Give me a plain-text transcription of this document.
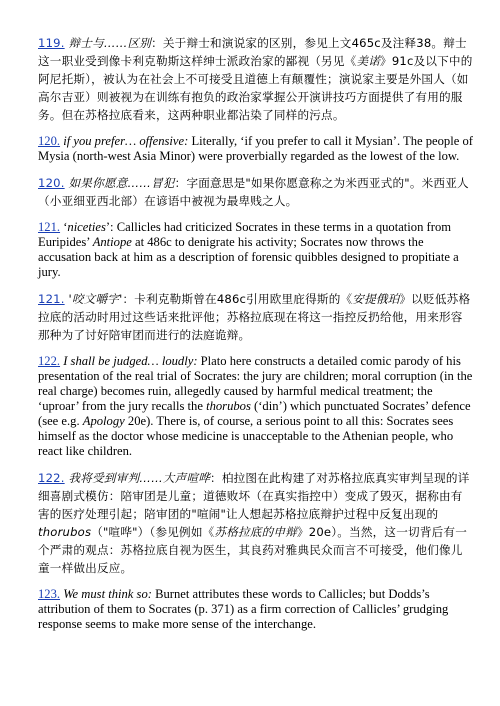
119. 辩士与……区别：关于辩士和演说家的区别，参见上文465c及注释38。辩士这一职业受到像卡利克勒斯这样绅士派政治家的鄙视（另见《美诺》91c及以下中的阿尼托斯），被认为在社会上不可接受且道德上有颠覆性；演说家主要是外国人（如高尔吉亚）则被视为在训练有抱负的政治家掌握公开演讲技巧方面提供了有用的服务。但在苏格拉底看来，这两种职业都沾染了同样的污点。

120. if you prefer… offensive: Literally, ‘if you prefer to call it Mysian’. The people of Mysia (north-west Asia Minor) were proverbially regarded as the lowest of the low.

120. 如果你愿意……冒犯：字面意思是"如果你愿意称之为米西亚式的"。米西亚人（小亚细亚西北部）在谚语中被视为最卑贱之人。

121. ‘niceties’: Callicles had criticized Socrates in these terms in a quotation from Euripides’ Antiope at 486c to denigrate his activity; Socrates now throws the accusation back at him as a description of forensic quibbles designed to propitiate a jury.

121. '咬文嚼字'：卡利克勒斯曾在486c引用欧里庇得斯的《安提俄珀》以贬低苏格拉底的活动时用过这些话来批评他；苏格拉底现在将这一指控反扔给他，用来形容那种为了讨好陪审团而进行的法庭诡辩。

122. I shall be judged… loudly: Plato here constructs a detailed comic parody of his presentation of the real trial of Socrates: the jury are children; moral corruption (in the real charge) becomes ruin, allegedly caused by harmful medical treatment; the ‘uproar’ from the jury recalls the thorubos (‘din’) which punctuated Socrates’ defence (see e.g. Apology 20e). There is, of course, a serious point to all this: Socrates sees himself as the doctor whose medicine is unacceptable to the Athenian people, who react like children.

122. 我将受到审判……大声喧哗：柏拉图在此构建了对苏格拉底真实审判呈现的详细喜剧式模仿：陪审团是儿童；道德败坏（在真实指控中）变成了毁灭，据称由有害的医疗处理引起；陪审团的"喧闹"让人想起苏格拉底辩护过程中反复出现的thorubos（"喧哗"）（参见例如《苏格拉底的申辩》20e）。当然，这一切背后有一个严肃的观点：苏格拉底自视为医生，其良药对雅典民众而言不可接受，他们像儿童一样做出反应。

123. We must think so: Burnet attributes these words to Callicles; but Dodds’s attribution of them to Socrates (p. 371) as a firm correction of Callicles’ grudging response seems to make more sense of the interchange.
